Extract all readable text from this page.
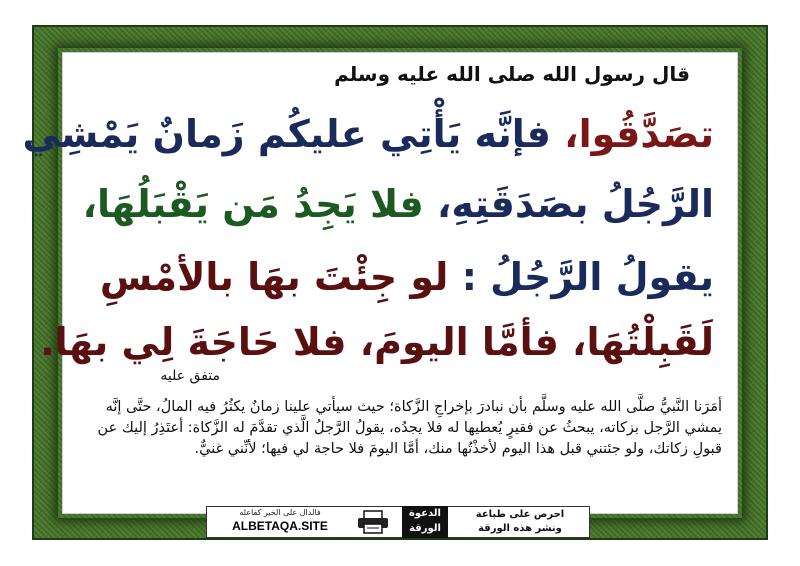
قال رسول الله صلى الله عليه وسلم
تصَدَّقُوا، فإنَّه يَأْتِي عليكُم زَمانٌ يَمْشِي
الرَّجُلُ بصَدَقَتِهِ، فلا يَجِدُ مَن يَقْبَلُهَا،
يقولُ الرَّجُلُ : لو جِئْتَ بهَا بالأمْسِ
لَقَبِلْتُهَا، فأمَّا اليومَ، فلا حَاجَةَ لِي بهَا.
متفق عليه
أمَرَنا النَّبيُّ صلَّى الله عليه وسلَّم بأن نبادرَ بإخراجِ الزَّكاة؛ حيث سيأتي علينا زمانٌ يكثُرُ فيه المالُ، حتَّى إنَّه يمشي الرَّجل بزكاته، يبحثُ عن فقيرٍ يُعطيها له فلا يجدُه، يقولُ الرَّجلُ الَّذي تقدَّمَ له الزَّكاة: أعتَذِرُ إليك عن قبولِ زكاتك، ولو جئتني قبل هذا اليوم لأخذْتُها منك، أمَّا اليومَ فلا حاجة لي فيها؛ لأنِّني غنيٌّ.
فالدال على الخير كفاعله
ALBETAQA.SITE
الدعوة
الورقة
احرص على طباعة
ونشر هذه الورقة
